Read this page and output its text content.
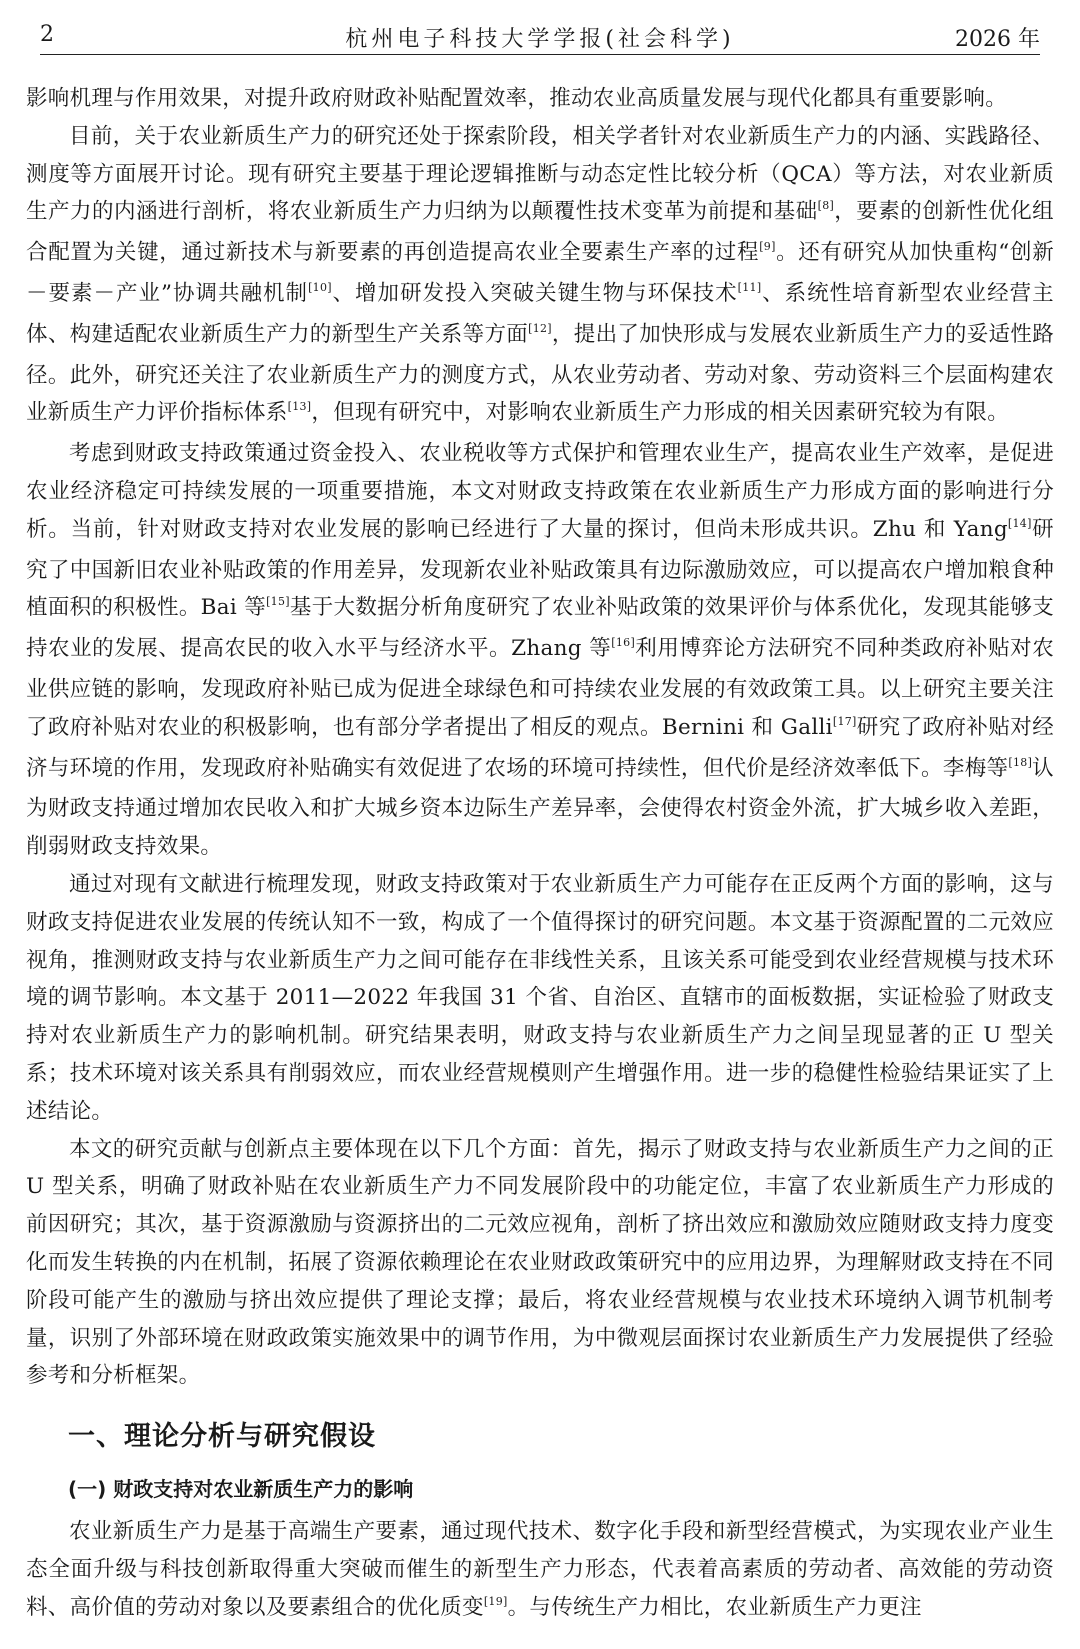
2	杭州电子科技大学学报(社会科学)	2026 年

影响机理与作用效果，对提升政府财政补贴配置效率，推动农业高质量发展与现代化都具有重要影响。

目前，关于农业新质生产力的研究还处于探索阶段，相关学者针对农业新质生产力的内涵、实践路径、测度等方面展开讨论。现有研究主要基于理论逻辑推断与动态定性比较分析（QCA）等方法，对农业新质生产力的内涵进行剖析，将农业新质生产力归纳为以颠覆性技术变革为前提和基础[8]，要素的创新性优化组合配置为关键，通过新技术与新要素的再创造提高农业全要素生产率的过程[9]。还有研究从加快重构“创新－要素－产业”协调共融机制[10]、增加研发投入突破关键生物与环保技术[11]、系统性培育新型农业经营主体、构建适配农业新质生产力的新型生产关系等方面[12]，提出了加快形成与发展农业新质生产力的妥适性路径。此外，研究还关注了农业新质生产力的测度方式，从农业劳动者、劳动对象、劳动资料三个层面构建农业新质生产力评价指标体系[13]，但现有研究中，对影响农业新质生产力形成的相关因素研究较为有限。

考虑到财政支持政策通过资金投入、农业税收等方式保护和管理农业生产，提高农业生产效率，是促进农业经济稳定可持续发展的一项重要措施，本文对财政支持政策在农业新质生产力形成方面的影响进行分析。当前，针对财政支持对农业发展的影响已经进行了大量的探讨，但尚未形成共识。Zhu 和 Yang[14]研究了中国新旧农业补贴政策的作用差异，发现新农业补贴政策具有边际激励效应，可以提高农户增加粮食种植面积的积极性。Bai 等[15]基于大数据分析角度研究了农业补贴政策的效果评价与体系优化，发现其能够支持农业的发展、提高农民的收入水平与经济水平。Zhang 等[16]利用博弈论方法研究不同种类政府补贴对农业供应链的影响，发现政府补贴已成为促进全球绿色和可持续农业发展的有效政策工具。以上研究主要关注了政府补贴对农业的积极影响，也有部分学者提出了相反的观点。Bernini 和 Galli[17]研究了政府补贴对经济与环境的作用，发现政府补贴确实有效促进了农场的环境可持续性，但代价是经济效率低下。李梅等[18]认为财政支持通过增加农民收入和扩大城乡资本边际生产差异率，会使得农村资金外流，扩大城乡收入差距，削弱财政支持效果。

通过对现有文献进行梳理发现，财政支持政策对于农业新质生产力可能存在正反两个方面的影响，这与财政支持促进农业发展的传统认知不一致，构成了一个值得探讨的研究问题。本文基于资源配置的二元效应视角，推测财政支持与农业新质生产力之间可能存在非线性关系，且该关系可能受到农业经营规模与技术环境的调节影响。本文基于 2011—2022 年我国 31 个省、自治区、直辖市的面板数据，实证检验了财政支持对农业新质生产力的影响机制。研究结果表明，财政支持与农业新质生产力之间呈现显著的正 U 型关系；技术环境对该关系具有削弱效应，而农业经营规模则产生增强作用。进一步的稳健性检验结果证实了上述结论。

本文的研究贡献与创新点主要体现在以下几个方面：首先，揭示了财政支持与农业新质生产力之间的正 U 型关系，明确了财政补贴在农业新质生产力不同发展阶段中的功能定位，丰富了农业新质生产力形成的前因研究；其次，基于资源激励与资源挤出的二元效应视角，剖析了挤出效应和激励效应随财政支持力度变化而发生转换的内在机制，拓展了资源依赖理论在农业财政政策研究中的应用边界，为理解财政支持在不同阶段可能产生的激励与挤出效应提供了理论支撑；最后，将农业经营规模与农业技术环境纳入调节机制考量，识别了外部环境在财政政策实施效果中的调节作用，为中微观层面探讨农业新质生产力发展提供了经验参考和分析框架。

一、理论分析与研究假设
(一) 财政支持对农业新质生产力的影响

农业新质生产力是基于高端生产要素，通过现代技术、数字化手段和新型经营模式，为实现农业产业生态全面升级与科技创新取得重大突破而催生的新型生产力形态，代表着高素质的劳动者、高效能的劳动资料、高价值的劳动对象以及要素组合的优化质变[19]。与传统生产力相比，农业新质生产力更注
